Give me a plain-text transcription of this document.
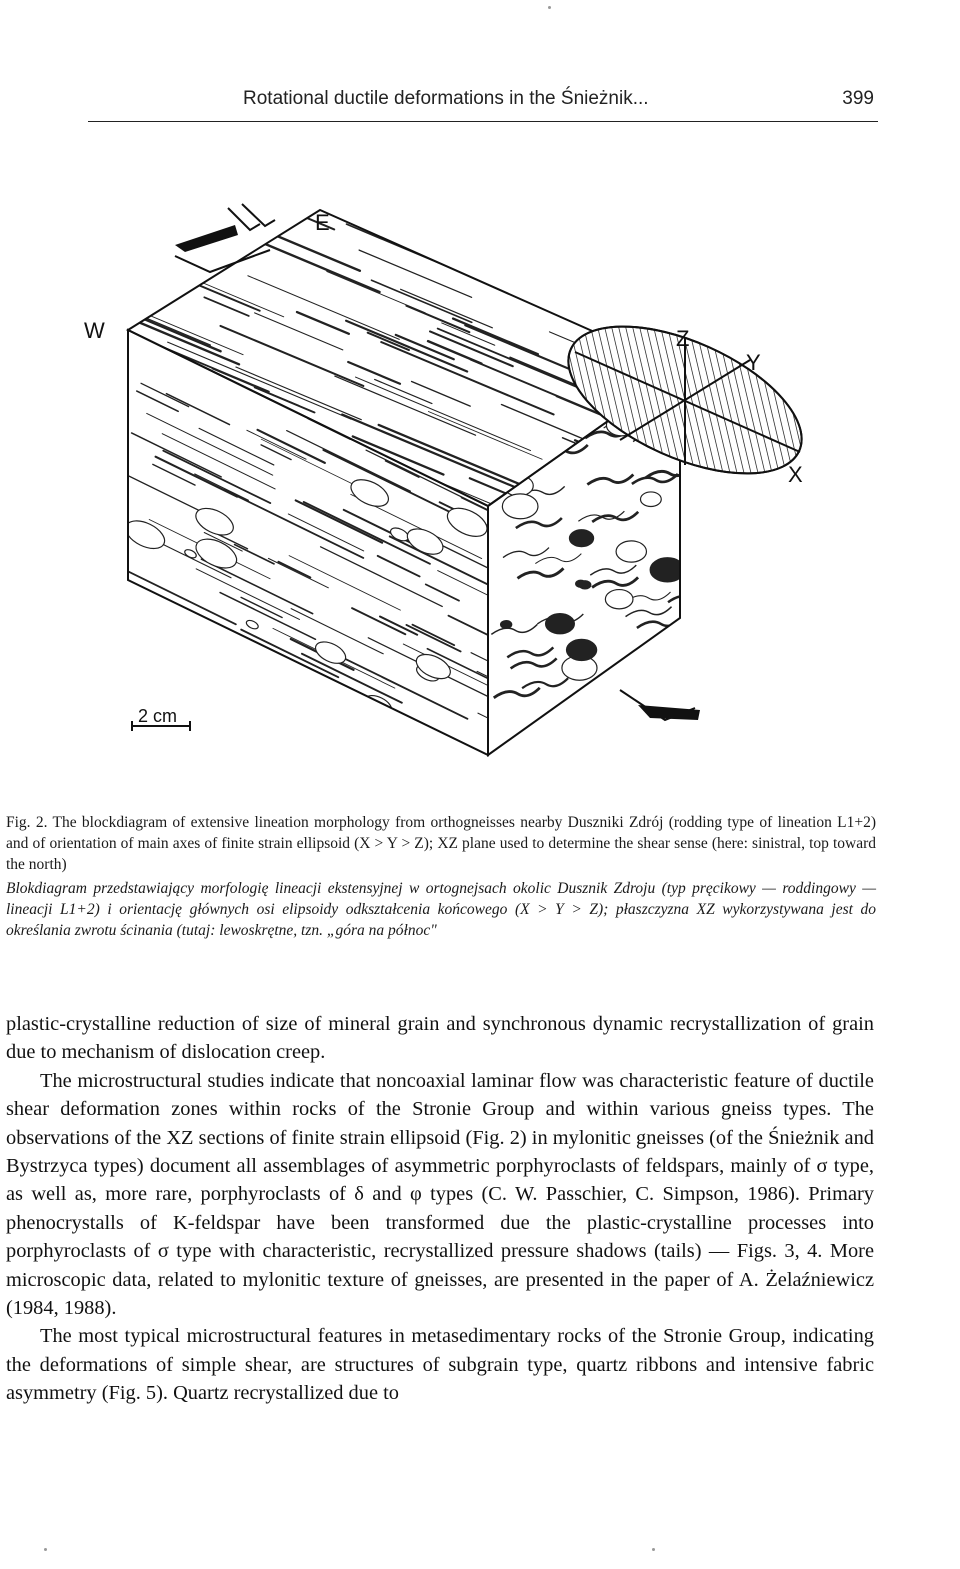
Rotational ductile deformations in the Śnieżnik...	399
W
E
Z
Y
X
2 cm

Fig. 2. The blockdiagram of extensive lineation morphology from orthogneisses nearby Duszniki Zdrój (rodding type of lineation L1+2) and of orientation of main axes of finite strain ellipsoid (X > Y > Z); XZ plane used to determine the shear sense (here: sinistral, top toward the north)

Blokdiagram przedstawiający morfologię lineacji ekstensyjnej w ortognejsach okolic Dusznik Zdroju (typ pręcikowy — roddingowy — lineacji L1+2) i orientację głównych osi elipsoidy odkształcenia końcowego (X > Y > Z); płaszczyzna XZ wykorzystywana jest do określania zwrotu ścinania (tutaj: lewoskrętne, tzn. „góra na północ"

plastic-crystalline reduction of size of mineral grain and synchronous dynamic recrystallization of grain due to mechanism of dislocation creep.

The microstructural studies indicate that noncoaxial laminar flow was characteristic feature of ductile shear deformation zones within rocks of the Stronie Group and within various gneiss types. The observations of the XZ sections of finite strain ellipsoid (Fig. 2) in mylonitic gneisses (of the Śnieżnik and Bystrzyca types) document all assemblages of asymmetric porphyroclasts of feldspars, mainly of σ type, as well as, more rare, porphyroclasts of δ and φ types (C. W. Passchier, C. Simpson, 1986). Primary phenocrystalls of K-feldspar have been transformed due the plastic-crystalline processes into porphyroclasts of σ type with characteristic, recrystallized pressure shadows (tails) — Figs. 3, 4. More microscopic data, related to mylonitic texture of gneisses, are presented in the paper of A. Żelaźniewicz (1984, 1988).

The most typical microstructural features in metasedimentary rocks of the Stronie Group, indicating the deformations of simple shear, are structures of subgrain type, quartz ribbons and intensive fabric asymmetry (Fig. 5). Quartz recrystallized due to
